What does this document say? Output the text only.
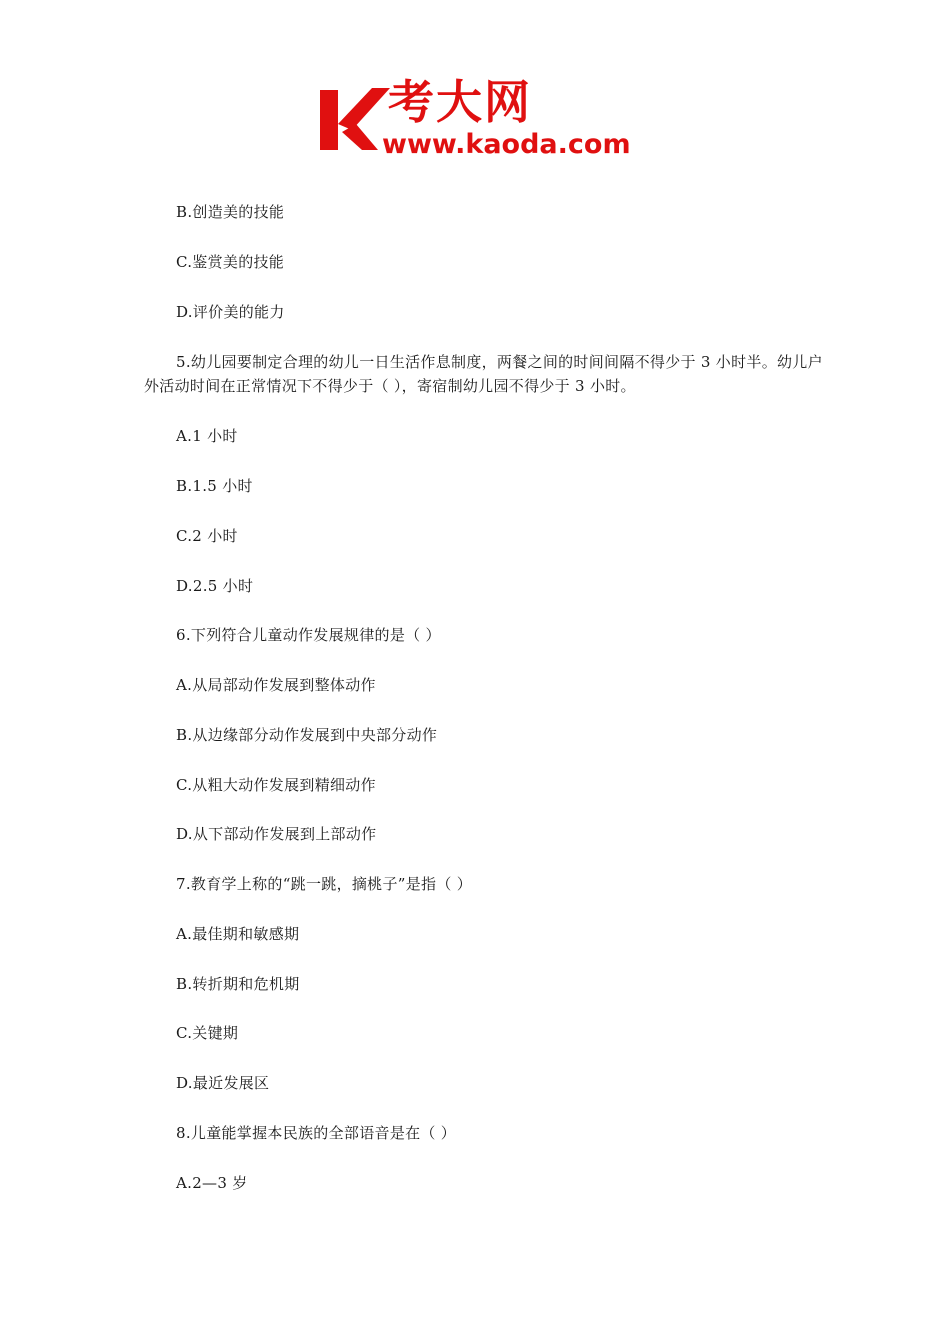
考大网
www.kaoda.com
B.创造美的技能
C.鉴赏美的技能
D.评价美的能力
5.幼儿园要制定合理的幼儿一日生活作息制度，两餐之间的时间间隔不得少于 3 小时半。幼儿户外活动时间在正常情况下不得少于（ ），寄宿制幼儿园不得少于 3 小时。
A.1 小时
B.1.5 小时
C.2 小时
D.2.5 小时
6.下列符合儿童动作发展规律的是（ ）
A.从局部动作发展到整体动作
B.从边缘部分动作发展到中央部分动作
C.从粗大动作发展到精细动作
D.从下部动作发展到上部动作
7.教育学上称的“跳一跳，摘桃子”是指（ ）
A.最佳期和敏感期
B.转折期和危机期
C.关键期
D.最近发展区
8.儿童能掌握本民族的全部语音是在（ ）
A.2—3 岁
